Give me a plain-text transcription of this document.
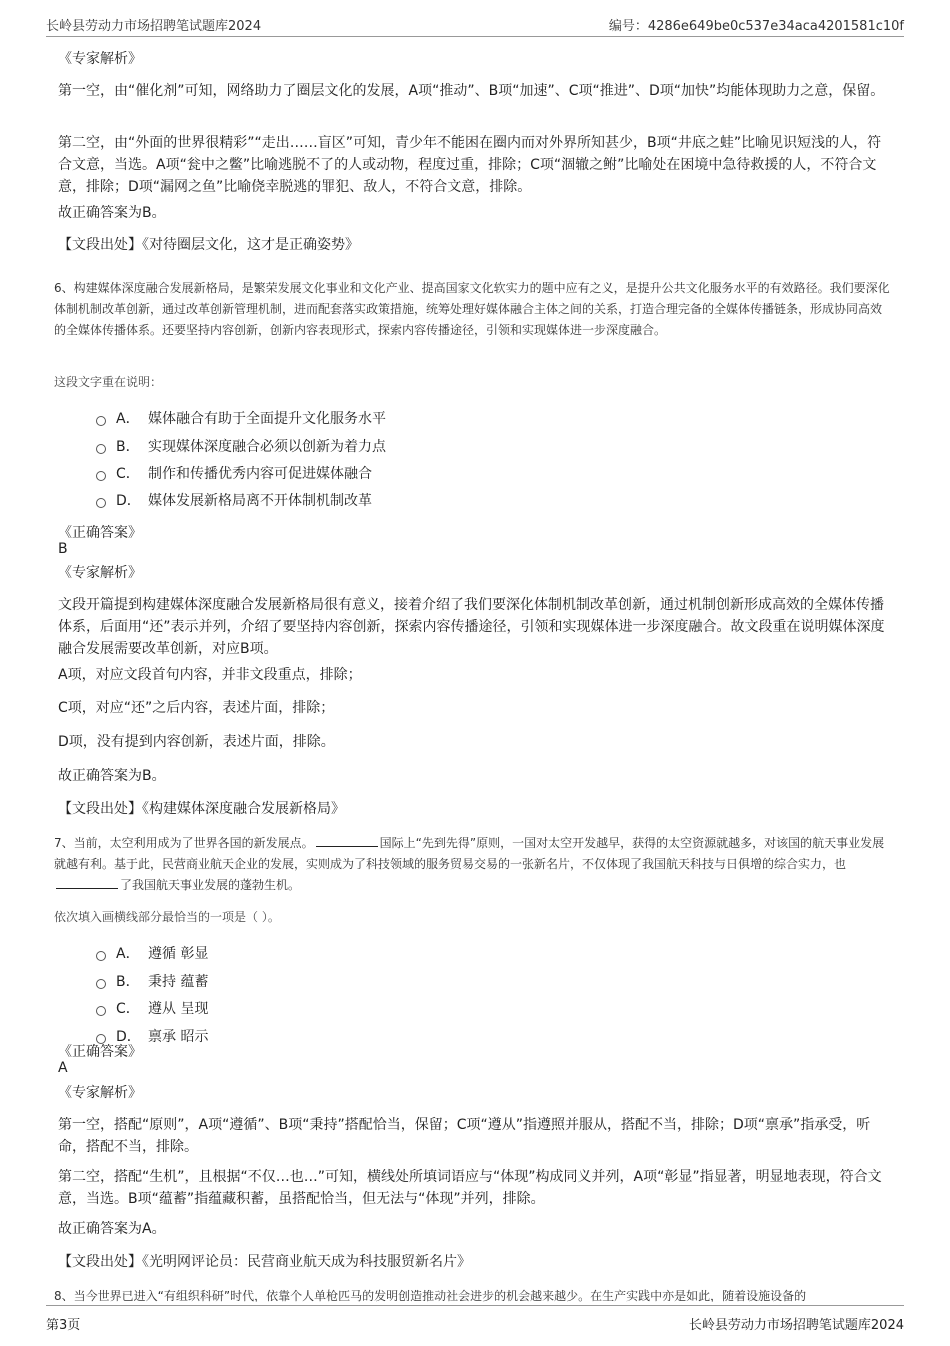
长岭县劳动力市场招聘笔试题库2024	编号：4286e649be0c537e34aca4201581c10f
《专家解析》

第一空，由“催化剂”可知，网络助力了圈层文化的发展，A项“推动”、B项“加速”、C项“推进”、D项“加快”均能体现助力之意，保留。

第二空，由“外面的世界很精彩”“走出……盲区”可知，青少年不能困在圈内而对外界所知甚少，B项“井底之蛙”比喻见识短浅的人，符合文意，当选。A项“瓮中之鳖”比喻逃脱不了的人或动物，程度过重，排除；C项“涸辙之鲋”比喻处在困境中急待救援的人，不符合文意，排除；D项“漏网之鱼”比喻侥幸脱逃的罪犯、敌人，不符合文意，排除。

故正确答案为B。

【文段出处】《对待圈层文化，这才是正确姿势》

6、构建媒体深度融合发展新格局，是繁荣发展文化事业和文化产业、提高国家文化软实力的题中应有之义，是提升公共文化服务水平的有效路径。我们要深化体制机制改革创新，通过改革创新管理机制，进而配套落实政策措施，统筹处理好媒体融合主体之间的关系，打造合理完备的全媒体传播链条，形成协同高效的全媒体传播体系。还要坚持内容创新，创新内容表现形式，探索内容传播途径，引领和实现媒体进一步深度融合。

这段文字重在说明：
A． 媒体融合有助于全面提升文化服务水平
B． 实现媒体深度融合必须以创新为着力点
C． 制作和传播优秀内容可促进媒体融合
D． 媒体发展新格局离不开体制机制改革
《正确答案》
B
《专家解析》

文段开篇提到构建媒体深度融合发展新格局很有意义，接着介绍了我们要深化体制机制改革创新，通过机制创新形成高效的全媒体传播体系，后面用“还”表示并列，介绍了要坚持内容创新，探索内容传播途径，引领和实现媒体进一步深度融合。故文段重在说明媒体深度融合发展需要改革创新，对应B项。

A项，对应文段首句内容，并非文段重点，排除；

C项，对应“还”之后内容，表述片面，排除；

D项，没有提到内容创新，表述片面，排除。

故正确答案为B。

【文段出处】《构建媒体深度融合发展新格局》

7、当前，太空利用成为了世界各国的新发展点。	国际上“先到先得”原则，一国对太空开发越早，获得的太空资源就越多，对该国的航天事业发展就越有利。基于此，民营商业航天企业的发展，实则成为了科技领域的服务贸易交易的一张新名片，不仅体现了我国航天科技与日俱增的综合实力，也了我国航天事业发展的蓬勃生机。

依次填入画横线部分最恰当的一项是（ ）。
A． 遵循 彰显
B． 秉持 蕴蓄
C． 遵从 呈现
D． 禀承 昭示
《正确答案》
A
《专家解析》

第一空，搭配“原则”，A项“遵循”、B项“秉持”搭配恰当，保留；C项“遵从”指遵照并服从，搭配不当，排除；D项“禀承”指承受，听命，搭配不当，排除。

第二空，搭配“生机”，且根据“不仅…也…”可知，横线处所填词语应与“体现”构成同义并列，A项“彰显”指显著，明显地表现，符合文意，当选。B项“蕴蓄”指蕴藏积蓄，虽搭配恰当，但无法与“体现”并列，排除。

故正确答案为A。

【文段出处】《光明网评论员：民营商业航天成为科技服贸新名片》

8、当今世界已进入“有组织科研”时代，依靠个人单枪匹马的发明创造推动社会进步的机会越来越少。在生产实践中亦是如此，随着设施设备的

第3页	长岭县劳动力市场招聘笔试题库2024
